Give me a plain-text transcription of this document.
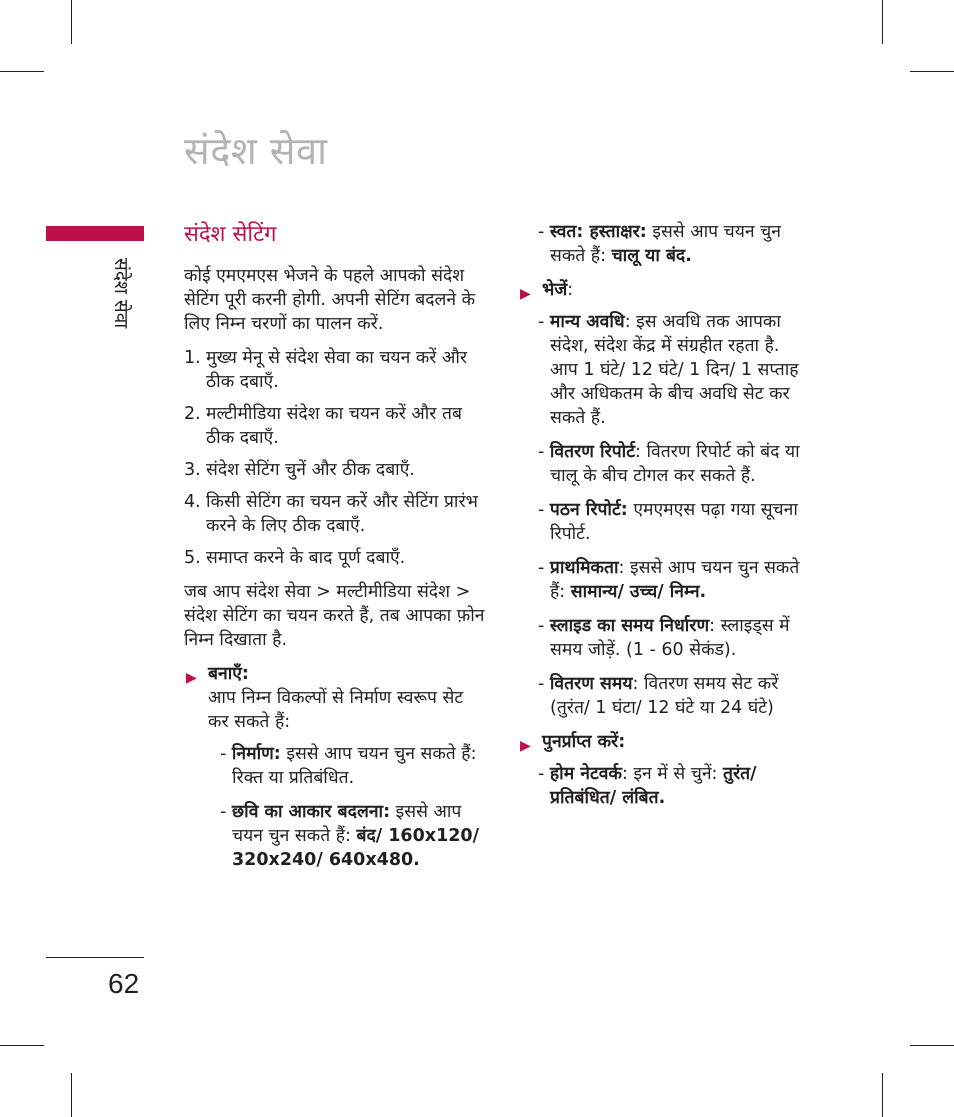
संदेश सेवा
संदेश सेवा
62
संदेश सेटिंग

कोई एमएमएस भेजने के पहले आपको संदेश सेटिंग पूरी करनी होगी. अपनी सेटिंग बदलने के लिए निम्न चरणों का पालन करें.

1. मुख्य मेनू से संदेश सेवा का चयन करें और ठीक दबाएँ.
2. मल्टीमीडिया संदेश का चयन करें और तब ठीक दबाएँ.
3. संदेश सेटिंग चुनें और ठीक दबाएँ.
4. किसी सेटिंग का चयन करें और सेटिंग प्रारंभ करने के लिए ठीक दबाएँ.
5. समाप्त करने के बाद पूर्ण दबाएँ.

जब आप संदेश सेवा > मल्टीमीडिया संदेश > संदेश सेटिंग का चयन करते हैं, तब आपका फ़ोन निम्न दिखाता है.

▶ बनाएँ:
आप निम्न विकल्पों से निर्माण स्वरूप सेट कर सकते हैं:
- निर्माण: इससे आप चयन चुन सकते हैं: रिक्त या प्रतिबंधित.
- छवि का आकार बदलना: इससे आप चयन चुन सकते हैं: बंद/ 160x120/ 320x240/ 640x480.
- स्वत: हस्ताक्षर: इससे आप चयन चुन सकते हैं: चालू या बंद.
▶ भेजें:
- मान्य अवधि: इस अवधि तक आपका संदेश, संदेश केंद्र में संग्रहीत रहता है. आप 1 घंटे/ 12 घंटे/ 1 दिन/ 1 सप्ताह और अधिकतम के बीच अवधि सेट कर सकते हैं.
- वितरण रिपोर्ट: वितरण रिपोर्ट को बंद या चालू के बीच टोगल कर सकते हैं.
- पठन रिपोर्ट: एमएमएस पढ़ा गया सूचना रिपोर्ट.
- प्राथमिकता: इससे आप चयन चुन सकते हैं: सामान्य/ उच्च/ निम्न.
- स्लाइड का समय निर्धारण: स्लाइड्स में समय जोड़ें. (1 - 60 सेकंड).
- वितरण समय: वितरण समय सेट करें (तुरंत/ 1 घंटा/ 12 घंटे या 24 घंटे)
▶ पुनर्प्राप्त करें:
- होम नेटवर्क: इन में से चुनें: तुरंत/ प्रतिबंधित/ लंबित.
